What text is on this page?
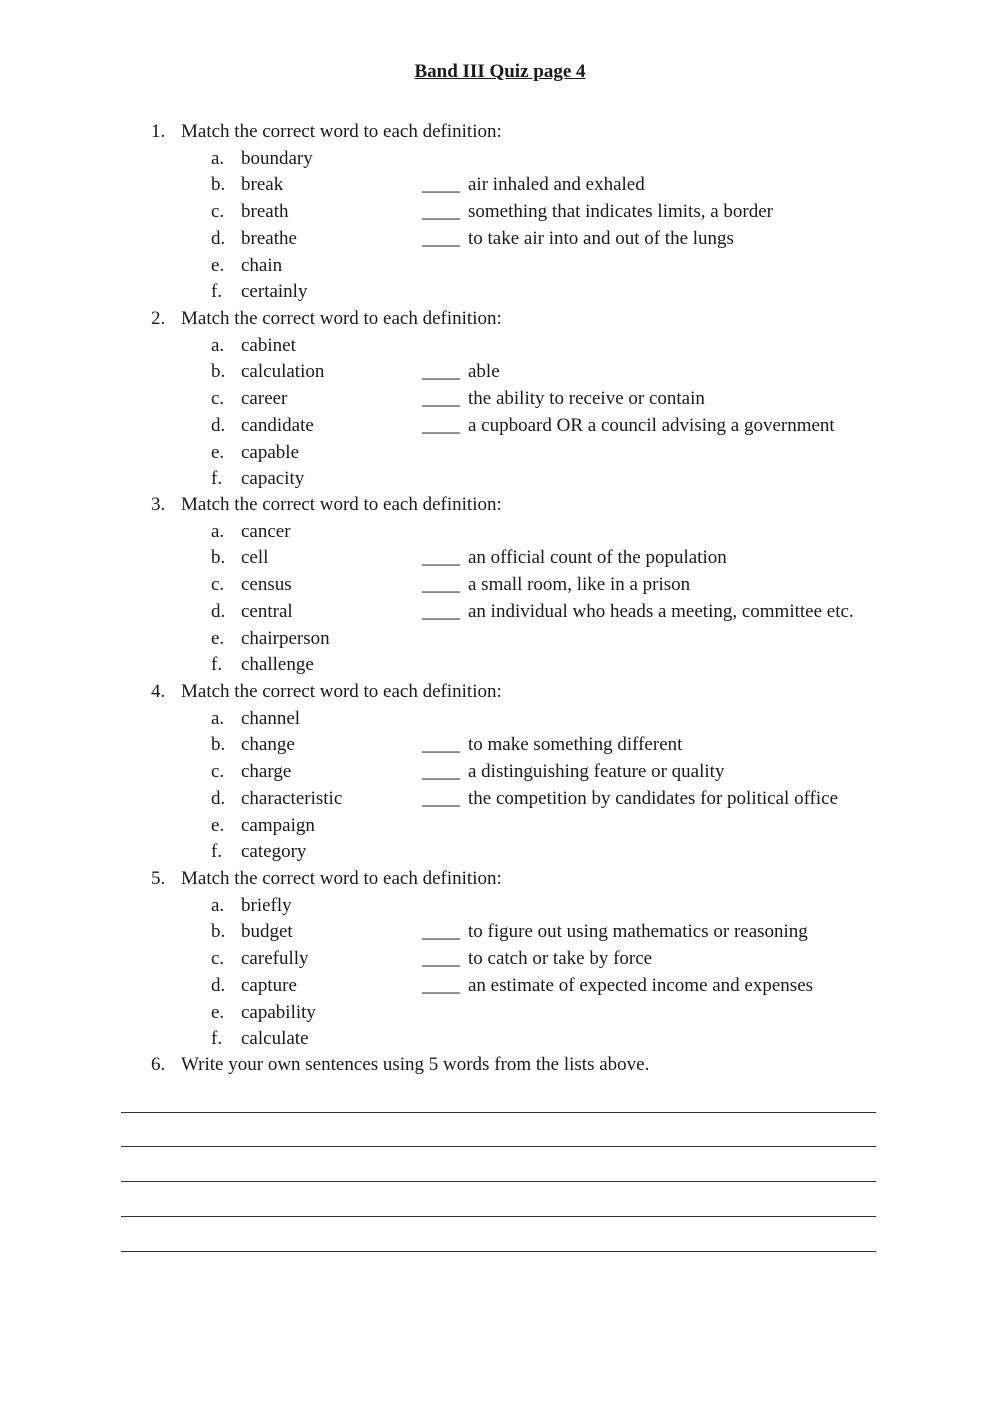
Band III Quiz page 4
1. Match the correct word to each definition:
a. boundary
b. break
c. breath
d. breathe
e. chain
f. certainly
____ air inhaled and exhaled
____ something that indicates limits, a border
____ to take air into and out of the lungs
2. Match the correct word to each definition:
a. cabinet
b. calculation
c. career
d. candidate
e. capable
f. capacity
____ able
____ the ability to receive or contain
____ a cupboard OR a council advising a government
3. Match the correct word to each definition:
a. cancer
b. cell
c. census
d. central
e. chairperson
f. challenge
____ an official count of the population
____ a small room, like in a prison
____ an individual who heads a meeting, committee etc.
4. Match the correct word to each definition:
a. channel
b. change
c. charge
d. characteristic
e. campaign
f. category
____ to make something different
____ a distinguishing feature or quality
____ the competition by candidates for political office
5. Match the correct word to each definition:
a. briefly
b. budget
c. carefully
d. capture
e. capability
f. calculate
____ to figure out using mathematics or reasoning
____ to catch or take by force
____ an estimate of expected income and expenses
6. Write your own sentences using 5 words from the lists above.
